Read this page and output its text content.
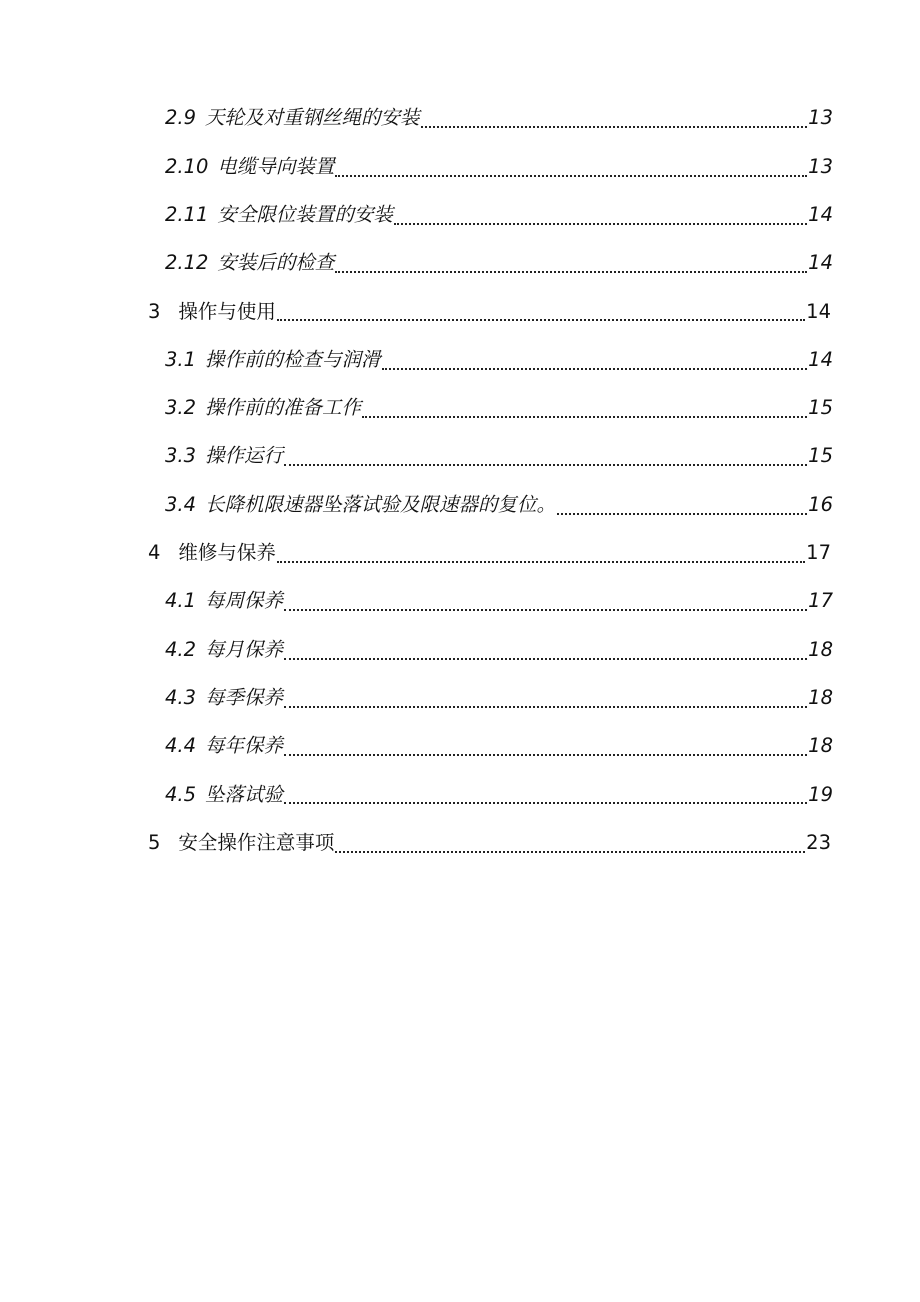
2.9 天轮及对重钢丝绳的安装	13
2.10 电缆导向装置	13
2.11 安全限位装置的安装	14
2.12 安装后的检查	14
3 操作与使用	14
3.1 操作前的检查与润滑	14
3.2 操作前的准备工作	15
3.3 操作运行	15
3.4 长降机限速器坠落试验及限速器的复位。	16
4 维修与保养	17
4.1 每周保养	17
4.2 每月保养	18
4.3 每季保养	18
4.4 每年保养	18
4.5 坠落试验	19
5 安全操作注意事项	23
